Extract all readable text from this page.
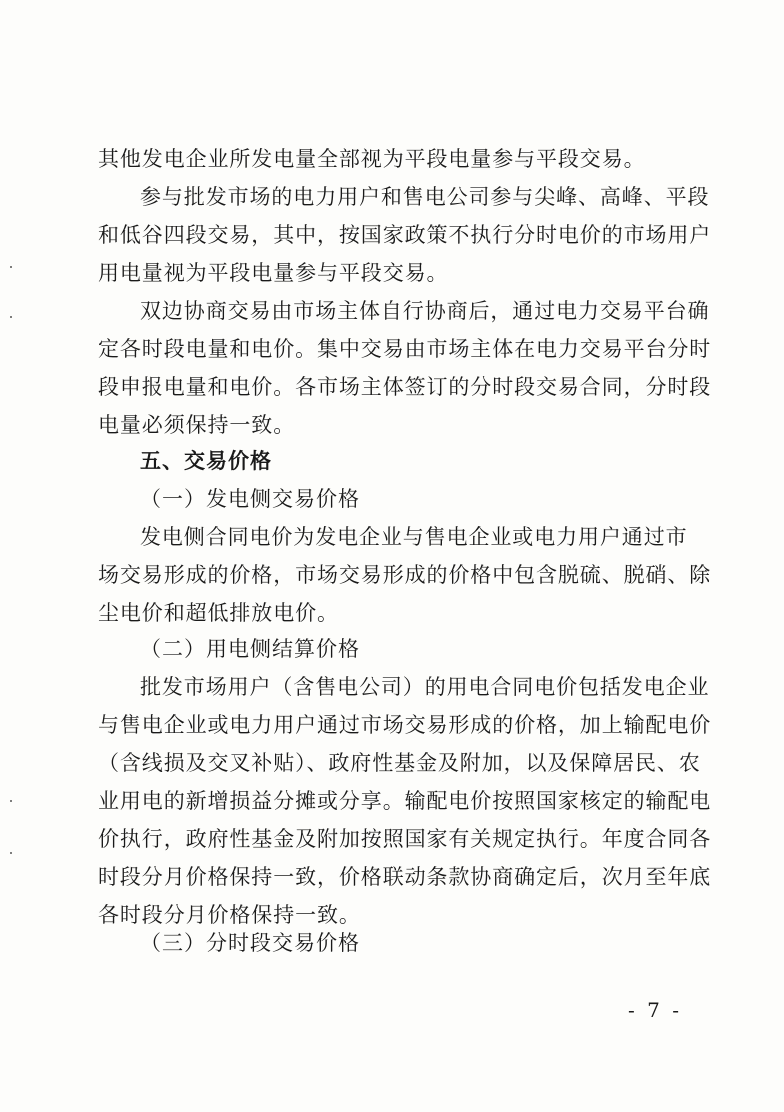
其他发电企业所发电量全部视为平段电量参与平段交易。
参与批发市场的电力用户和售电公司参与尖峰、高峰、平段
和低谷四段交易，其中，按国家政策不执行分时电价的市场用户
用电量视为平段电量参与平段交易。
双边协商交易由市场主体自行协商后，通过电力交易平台确
定各时段电量和电价。集中交易由市场主体在电力交易平台分时
段申报电量和电价。各市场主体签订的分时段交易合同，分时段
电量必须保持一致。
五、交易价格
（一）发电侧交易价格
发电侧合同电价为发电企业与售电企业或电力用户通过市
场交易形成的价格，市场交易形成的价格中包含脱硫、脱硝、除
尘电价和超低排放电价。
（二）用电侧结算价格
批发市场用户（含售电公司）的用电合同电价包括发电企业
与售电企业或电力用户通过市场交易形成的价格，加上输配电价
（含线损及交叉补贴）、政府性基金及附加，以及保障居民、农
业用电的新增损益分摊或分享。输配电价按照国家核定的输配电
价执行，政府性基金及附加按照国家有关规定执行。年度合同各
时段分月价格保持一致，价格联动条款协商确定后，次月至年底
各时段分月价格保持一致。
（三）分时段交易价格
- 7 -
